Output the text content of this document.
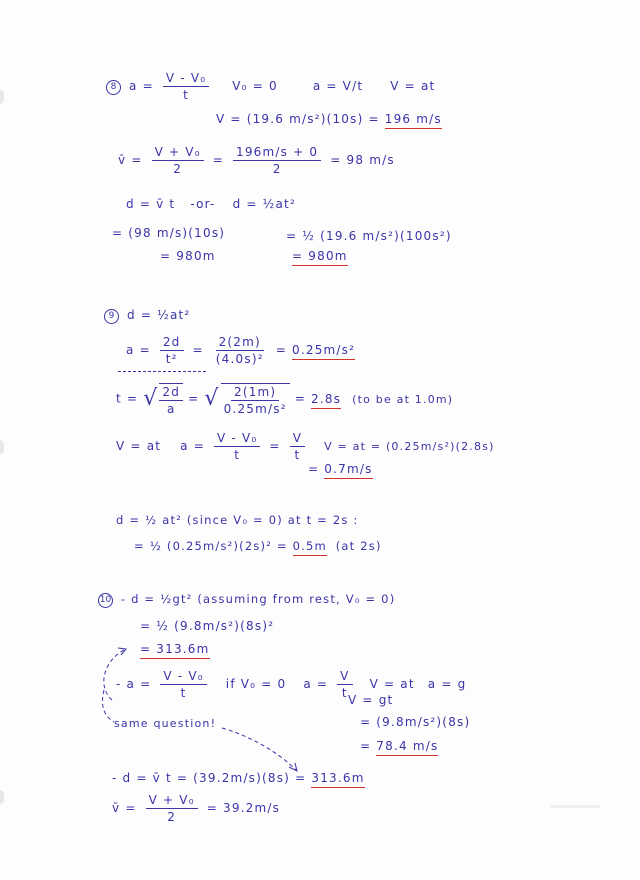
8 $a = \frac{\text{V - V₀}}{t} V_0 = 0$	a = V/t V = at
V = (19.6 m/s²)(10s) = 196 m/s
v̄ = $\frac{\text{V + V₀}}{2} = \frac{196m/s + 0}{2} = 98$ m/s
d = v̄ t -or- d = ½at²
= (98 m/s)(10s)	= ½ (19.6 m/s²)(100s²)
= 980m	= 980m
9 d = ½at²
$a = \frac{2d}{\text{t²}} = \frac{2(2m)}{\text{(4.0s)²}} = 0.25m/s^2$
t = √ $\frac{2d}{a}$ = √ $\frac{2(1m)}{\text{0.25m/s²}} = 2.8s$ (to be at 1.0m)
V = at $a = \frac{\text{V - V₀}}{t} = \frac{V}{t}$ V = at = (0.25m/s²)(2.8s)
= 0.7m/s
d = ½ at² (since V₀ = 0) at t = 2s :
= ½ (0.25m/s²)(2s)² = 0.5m (at 2s)
10 - d = ½gt² (assuming from rest, V₀ = 0)
= ½ (9.8m/s²)(8s)²
= 313.6m
- $a = \frac{\text{V - V₀}}{t}$ if V₀ = 0 $a = \frac{V}{t}$ V = at a = g
V = gt
= (9.8m/s²)(8s)
= 78.4 m/s
same question!
- d = v̄ t = (39.2m/s)(8s) = 313.6m
v̄ = $\frac{\text{V + V₀}}{2} = 39.2m/s$
